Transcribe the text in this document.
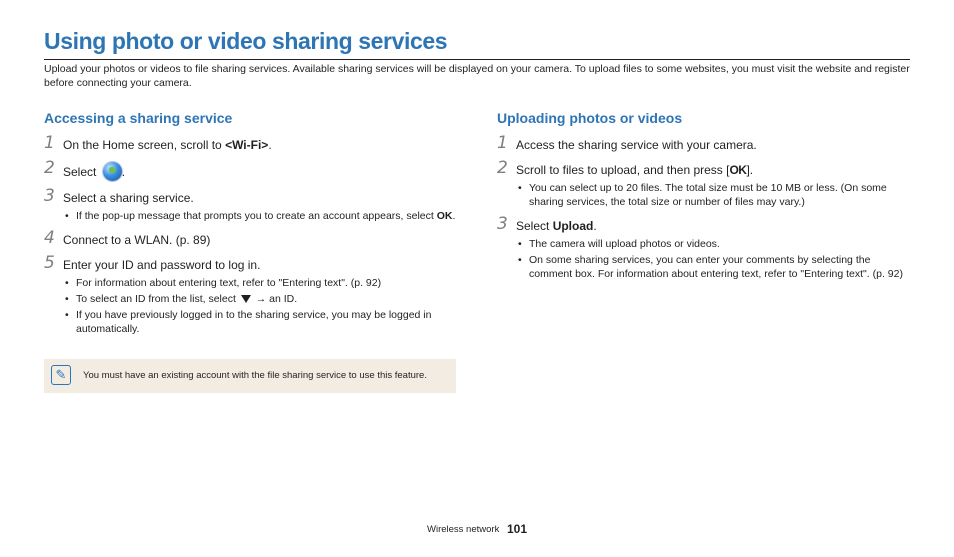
Using photo or video sharing services
Upload your photos or videos to file sharing services. Available sharing services will be displayed on your camera. To upload files to some websites, you must visit the website and register before connecting your camera.
Accessing a sharing service
1 On the Home screen, scroll to <Wi-Fi>.
2 Select .
3 Select a sharing service.
• If the pop-up message that prompts you to create an account appears, select OK.
4 Connect to a WLAN. (p. 89)
5 Enter your ID and password to log in.
• For information about entering text, refer to "Entering text". (p. 92)
• To select an ID from the list, select  → an ID.
• If you have previously logged in to the sharing service, you may be logged in automatically.
✎	You must have an existing account with the file sharing service to use this feature.
Uploading photos or videos
1 Access the sharing service with your camera.
2 Scroll to files to upload, and then press [OK].
• You can select up to 20 files. The total size must be 10 MB or less. (On some sharing services, the total size or number of files may vary.)
3 Select Upload.
• The camera will upload photos or videos.
• On some sharing services, you can enter your comments by selecting the comment box. For information about entering text, refer to "Entering text". (p. 92)
Wireless network 101
